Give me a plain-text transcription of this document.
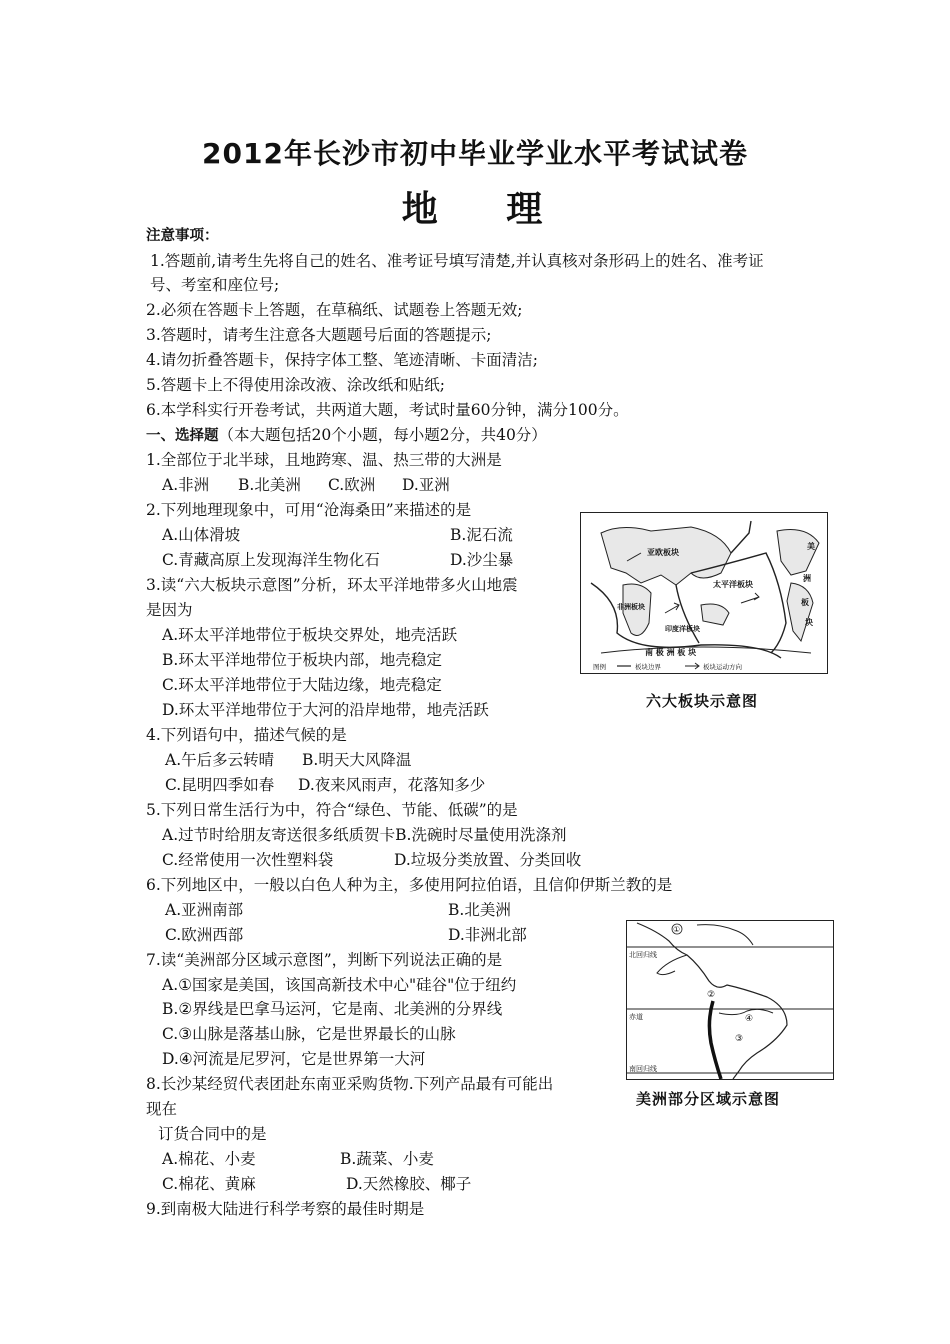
2012年长沙市初中毕业学业水平考试试卷
地 理
注意事项：
1.答题前,请考生先将自己的姓名、准考证号填写清楚,并认真核对条形码上的姓名、准考证
号、考室和座位号;
2.必须在答题卡上答题，在草稿纸、试题卷上答题无效;
3.答题时，请考生注意各大题题号后面的答题提示;
4.请勿折叠答题卡，保持字体工整、笔迹清晰、卡面清洁;
5.答题卡上不得使用涂改液、涂改纸和贴纸;
6.本学科实行开卷考试，共两道大题，考试时量60分钟，满分100分。
一、选择题（本大题包括20个小题，每小题2分，共40分）
1.全部位于北半球，且地跨寒、温、热三带的大洲是
A.非洲 B.北美洲 C.欧洲 D.亚洲
2.下列地理现象中，可用“沧海桑田”来描述的是
A.山体滑坡	B.泥石流
C.青藏高原上发现海洋生物化石	D.沙尘暴
3.读“六大板块示意图”分析，环太平洋地带多火山地震
是因为
A.环太平洋地带位于板块交界处，地壳活跃
B.环太平洋地带位于板块内部，地壳稳定
C.环太平洋地带位于大陆边缘，地壳稳定
D.环太平洋地带位于大河的沿岸地带，地壳活跃
4.下列语句中，描述气候的是
A.午后多云转晴 B.明天大风降温
C.昆明四季如春 D.夜来风雨声，花落知多少
5.下列日常生活行为中，符合“绿色、节能、低碳”的是
A.过节时给朋友寄送很多纸质贺卡B.洗碗时尽量使用洗涤剂
C.经常使用一次性塑料袋	D.垃圾分类放置、分类回收
6.下列地区中，一般以白色人种为主，多使用阿拉伯语，且信仰伊斯兰教的是
A.亚洲南部	B.北美洲
C.欧洲西部	D.非洲北部
7.读“美洲部分区域示意图”，判断下列说法正确的是
A.①国家是美国，该国高新技术中心"硅谷"位于纽约
B.②界线是巴拿马运河，它是南、北美洲的分界线
C.③山脉是落基山脉，它是世界最长的山脉
D.④河流是尼罗河，它是世界第一大河
8.长沙某经贸代表团赴东南亚采购货物.下列产品最有可能出
现在
订货合同中的是
A.棉花、小麦	B.蔬菜、小麦
C.棉花、黄麻	D.天然橡胶、椰子
9.到南极大陆进行科学考察的最佳时期是
亚欧板块
非洲板块
印度洋板块
太平洋板块
美
洲
板
块
南 极 洲 板 块
图例	板块边界	板块运动方向
六大板块示意图
①
②
③
④
北回归线
赤道
南回归线
美洲部分区域示意图
